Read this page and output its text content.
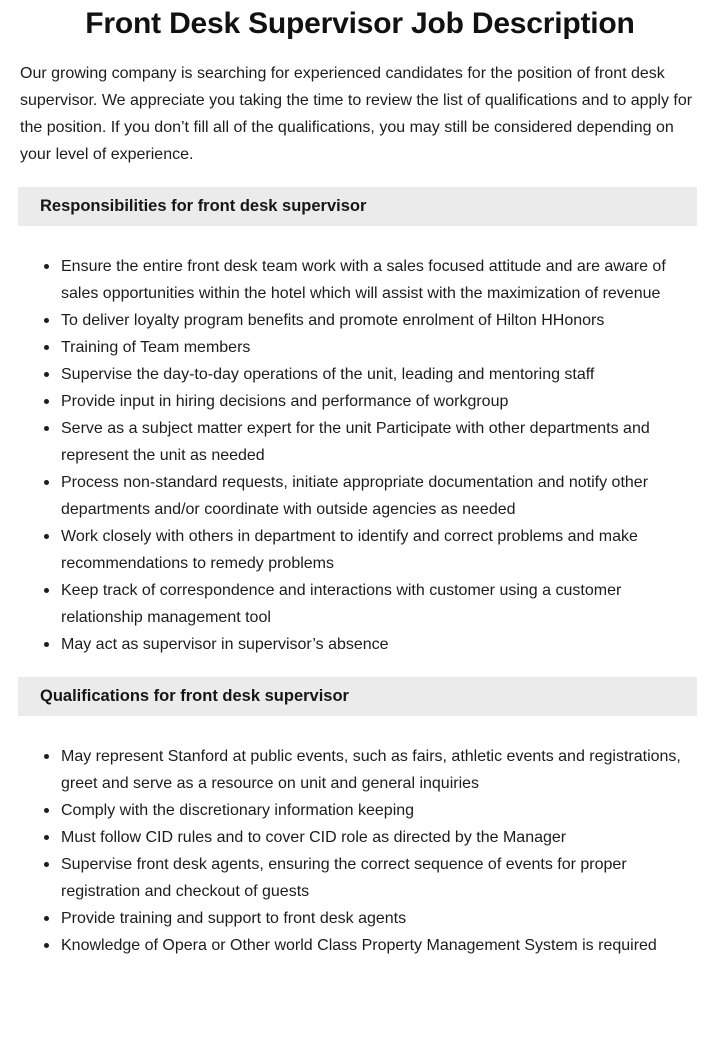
Front Desk Supervisor Job Description

Our growing company is searching for experienced candidates for the position of front desk supervisor. We appreciate you taking the time to review the list of qualifications and to apply for the position. If you don’t fill all of the qualifications, you may still be considered depending on your level of experience.

Responsibilities for front desk supervisor
Ensure the entire front desk team work with a sales focused attitude and are aware of sales opportunities within the hotel which will assist with the maximization of revenue
To deliver loyalty program benefits and promote enrolment of Hilton HHonors
Training of Team members
Supervise the day-to-day operations of the unit, leading and mentoring staff
Provide input in hiring decisions and performance of workgroup
Serve as a subject matter expert for the unit Participate with other departments and represent the unit as needed
Process non-standard requests, initiate appropriate documentation and notify other departments and/or coordinate with outside agencies as needed
Work closely with others in department to identify and correct problems and make recommendations to remedy problems
Keep track of correspondence and interactions with customer using a customer relationship management tool
May act as supervisor in supervisor’s absence
Qualifications for front desk supervisor
May represent Stanford at public events, such as fairs, athletic events and registrations, greet and serve as a resource on unit and general inquiries
Comply with the discretionary information keeping
Must follow CID rules and to cover CID role as directed by the Manager
Supervise front desk agents, ensuring the correct sequence of events for proper registration and checkout of guests
Provide training and support to front desk agents
Knowledge of Opera or Other world Class Property Management System is required
